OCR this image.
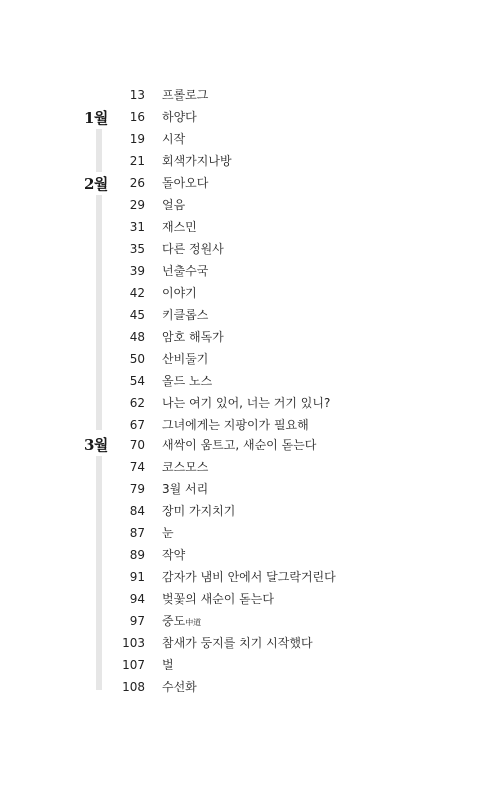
1월
2월
3월
13 프롤로그
16 하양다
19 시작
21 회색가지나방
26 돌아오다
29 얼음
31 재스민
35 다른 정원사
39 넌출수국
42 이야기
45 키클롭스
48 암호 해독가
50 산비둘기
54 올드 노스
62 나는 여기 있어, 너는 거기 있니?
67 그녀에게는 지팡이가 필요해
70 새싹이 움트고, 새순이 돋는다
74 코스모스
79 3월 서리
84 장미 가지치기
87 눈
89 작약
91 감자가 냄비 안에서 달그락거린다
94 벚꽃의 새순이 돋는다
97 중도中道
103 참새가 둥지를 치기 시작했다
107 벌
108 수선화
